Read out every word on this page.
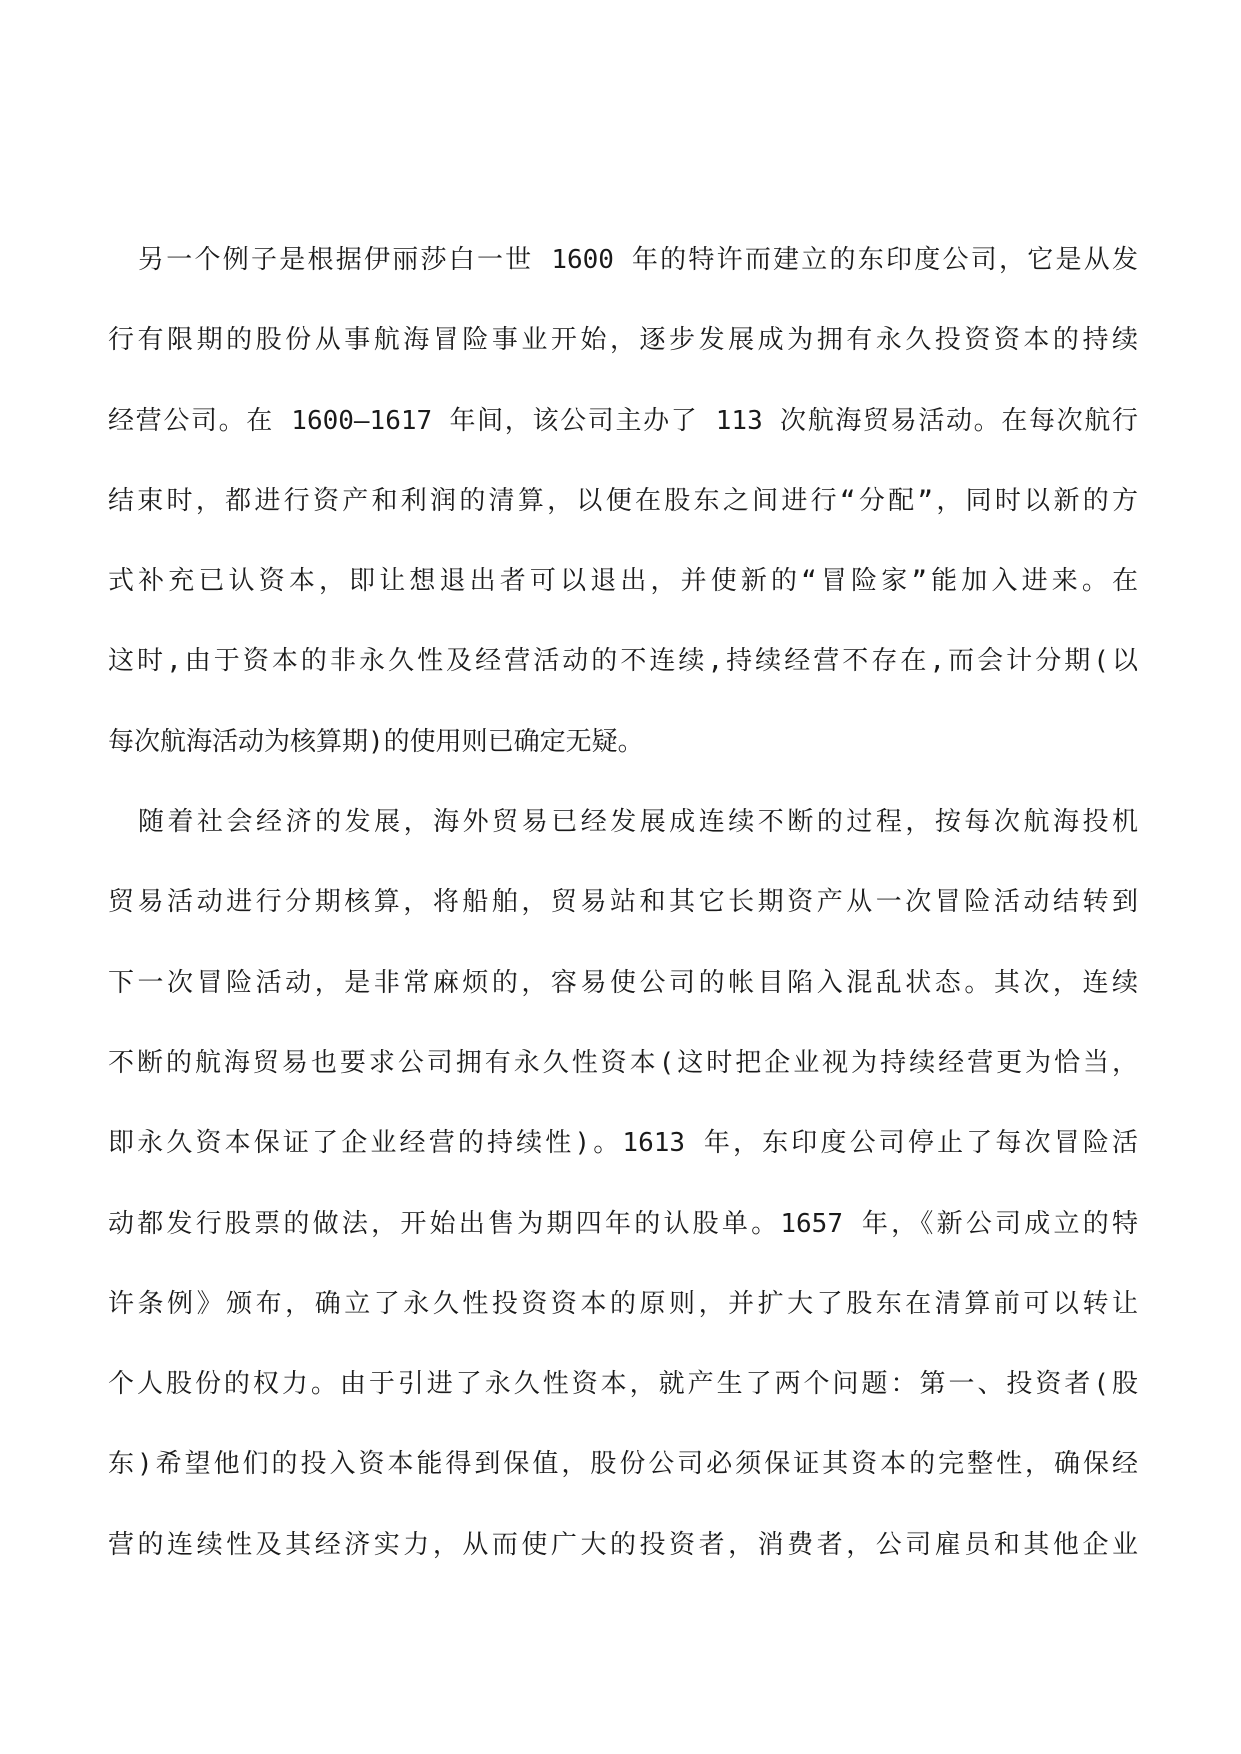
另一个例子是根据伊丽莎白一世 1600 年的特许而建立的东印度公司，它是从发
行有限期的股份从事航海冒险事业开始，逐步发展成为拥有永久投资资本的持续
经营公司。在 1600—1617 年间，该公司主办了 113 次航海贸易活动。在每次航行
结束时，都进行资产和利润的清算，以便在股东之间进行“分配”，同时以新的方
式补充已认资本，即让想退出者可以退出，并使新的“冒险家”能加入进来。在
这时,由于资本的非永久性及经营活动的不连续,持续经营不存在,而会计分期(以
每次航海活动为核算期)的使用则已确定无疑。
随着社会经济的发展，海外贸易已经发展成连续不断的过程，按每次航海投机
贸易活动进行分期核算，将船舶，贸易站和其它长期资产从一次冒险活动结转到
下一次冒险活动，是非常麻烦的，容易使公司的帐目陷入混乱状态。其次，连续
不断的航海贸易也要求公司拥有永久性资本(这时把企业视为持续经营更为恰当，
即永久资本保证了企业经营的持续性)。1613 年，东印度公司停止了每次冒险活
动都发行股票的做法，开始出售为期四年的认股单。1657 年，《新公司成立的特
许条例》颁布，确立了永久性投资资本的原则，并扩大了股东在清算前可以转让
个人股份的权力。由于引进了永久性资本，就产生了两个问题：第一、投资者(股
东)希望他们的投入资本能得到保值，股份公司必须保证其资本的完整性，确保经
营的连续性及其经济实力，从而使广大的投资者，消费者，公司雇员和其他企业
